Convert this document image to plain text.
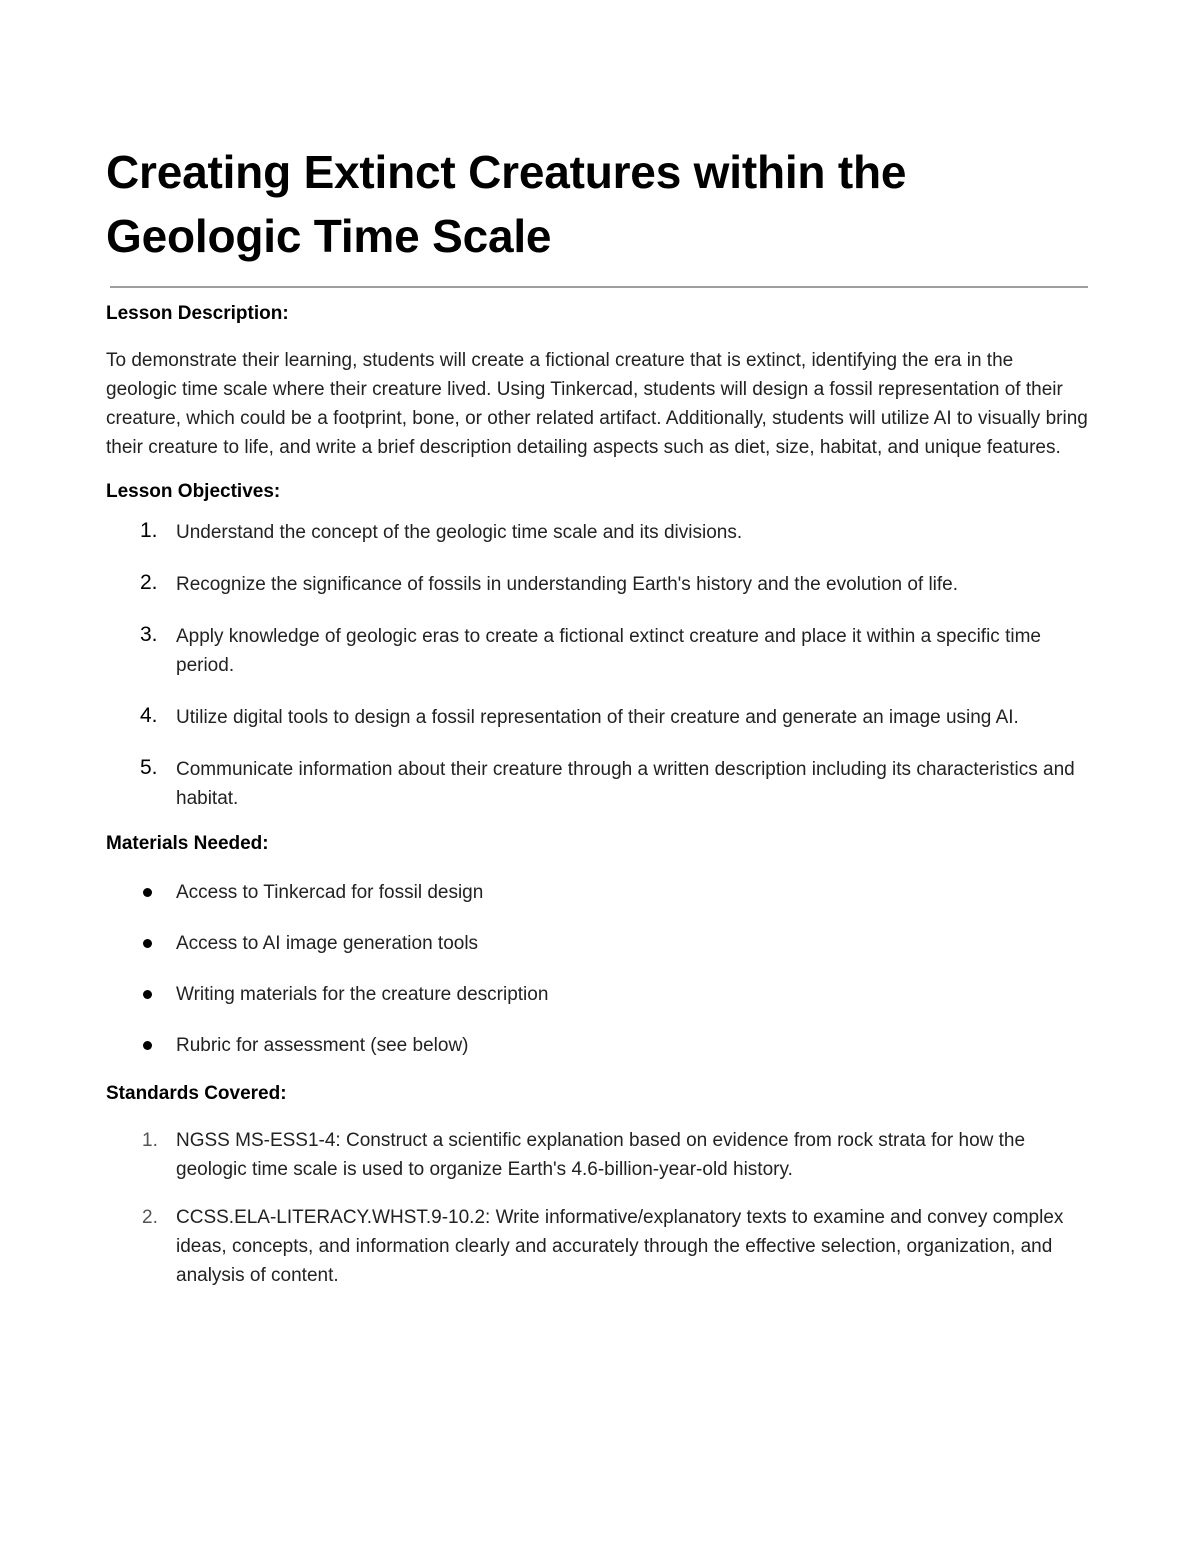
Creating Extinct Creatures within the Geologic Time Scale
Lesson Description:

To demonstrate their learning, students will create a fictional creature that is extinct, identifying the era in the geologic time scale where their creature lived. Using Tinkercad, students will design a fossil representation of their creature, which could be a footprint, bone, or other related artifact. Additionally, students will utilize AI to visually bring their creature to life, and write a brief description detailing aspects such as diet, size, habitat, and unique features.

Lesson Objectives:
1. Understand the concept of the geologic time scale and its divisions.
2. Recognize the significance of fossils in understanding Earth's history and the evolution of life.
3. Apply knowledge of geologic eras to create a fictional extinct creature and place it within a specific time period.
4. Utilize digital tools to design a fossil representation of their creature and generate an image using AI.
5. Communicate information about their creature through a written description including its characteristics and habitat.
Materials Needed:
Access to Tinkercad for fossil design
Access to AI image generation tools
Writing materials for the creature description
Rubric for assessment (see below)
Standards Covered:
1. NGSS MS-ESS1-4: Construct a scientific explanation based on evidence from rock strata for how the geologic time scale is used to organize Earth's 4.6-billion-year-old history.
2. CCSS.ELA-LITERACY.WHST.9-10.2: Write informative/explanatory texts to examine and convey complex ideas, concepts, and information clearly and accurately through the effective selection, organization, and analysis of content.
